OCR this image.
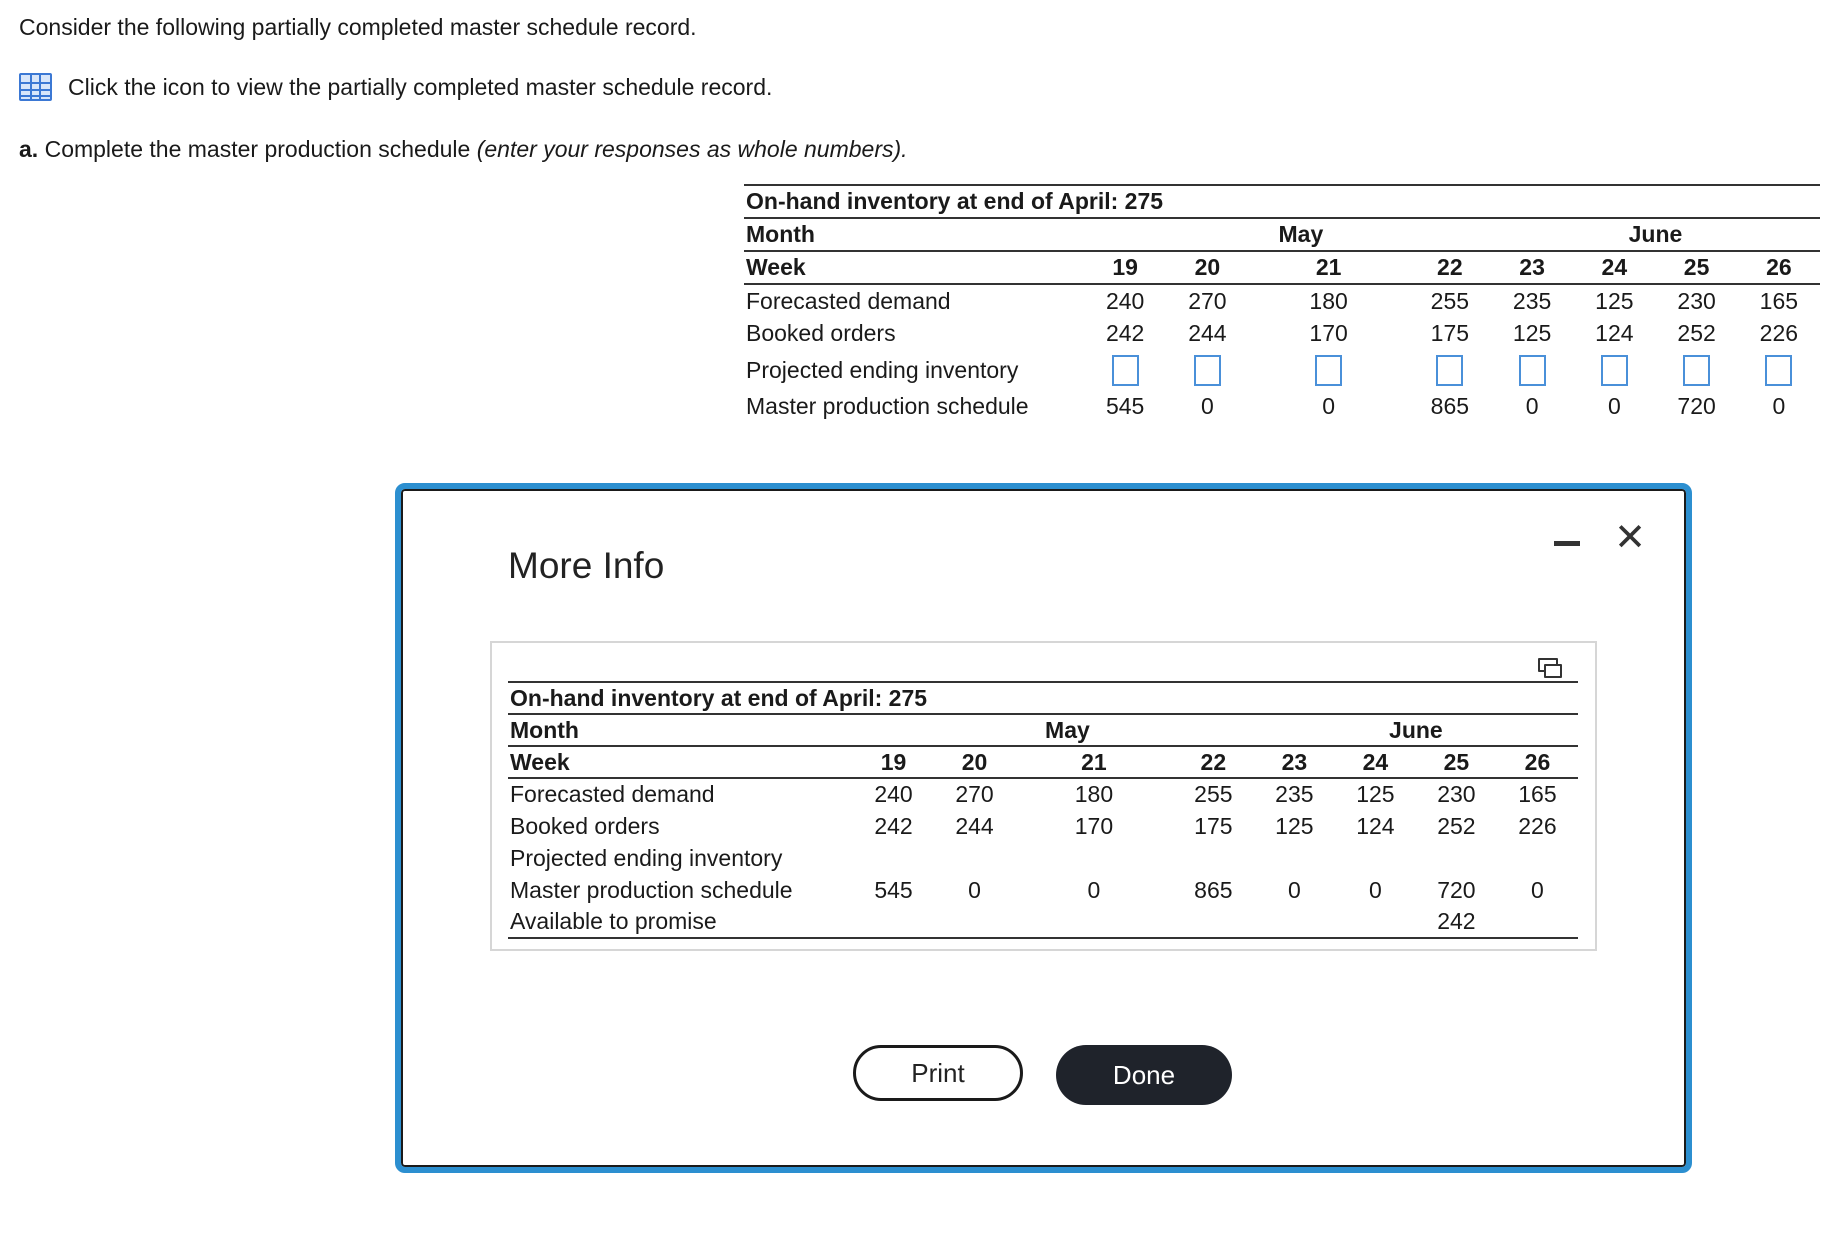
Consider the following partially completed master schedule record.
Click the icon to view the partially completed master schedule record.
a. Complete the master production schedule (enter your responses as whole numbers).
On-hand inventory at end of April: 275								
Month			May			June		
Week	19	20	21	22	23	24	25	26
Forecasted demand	240	270	180	255	235	125	230	165
Booked orders	242	244	170	175	125	124	252	226
Projected ending inventory								
Master production schedule	545	0	0	865	0	0	720	0
More Info
✕
On-hand inventory at end of April: 275								
Month			May			June		
Week	19	20	21	22	23	24	25	26
Forecasted demand	240	270	180	255	235	125	230	165
Booked orders	242	244	170	175	125	124	252	226
Projected ending inventory								
Master production schedule	545	0	0	865	0	0	720	0
Available to promise							242	
Print	Done
